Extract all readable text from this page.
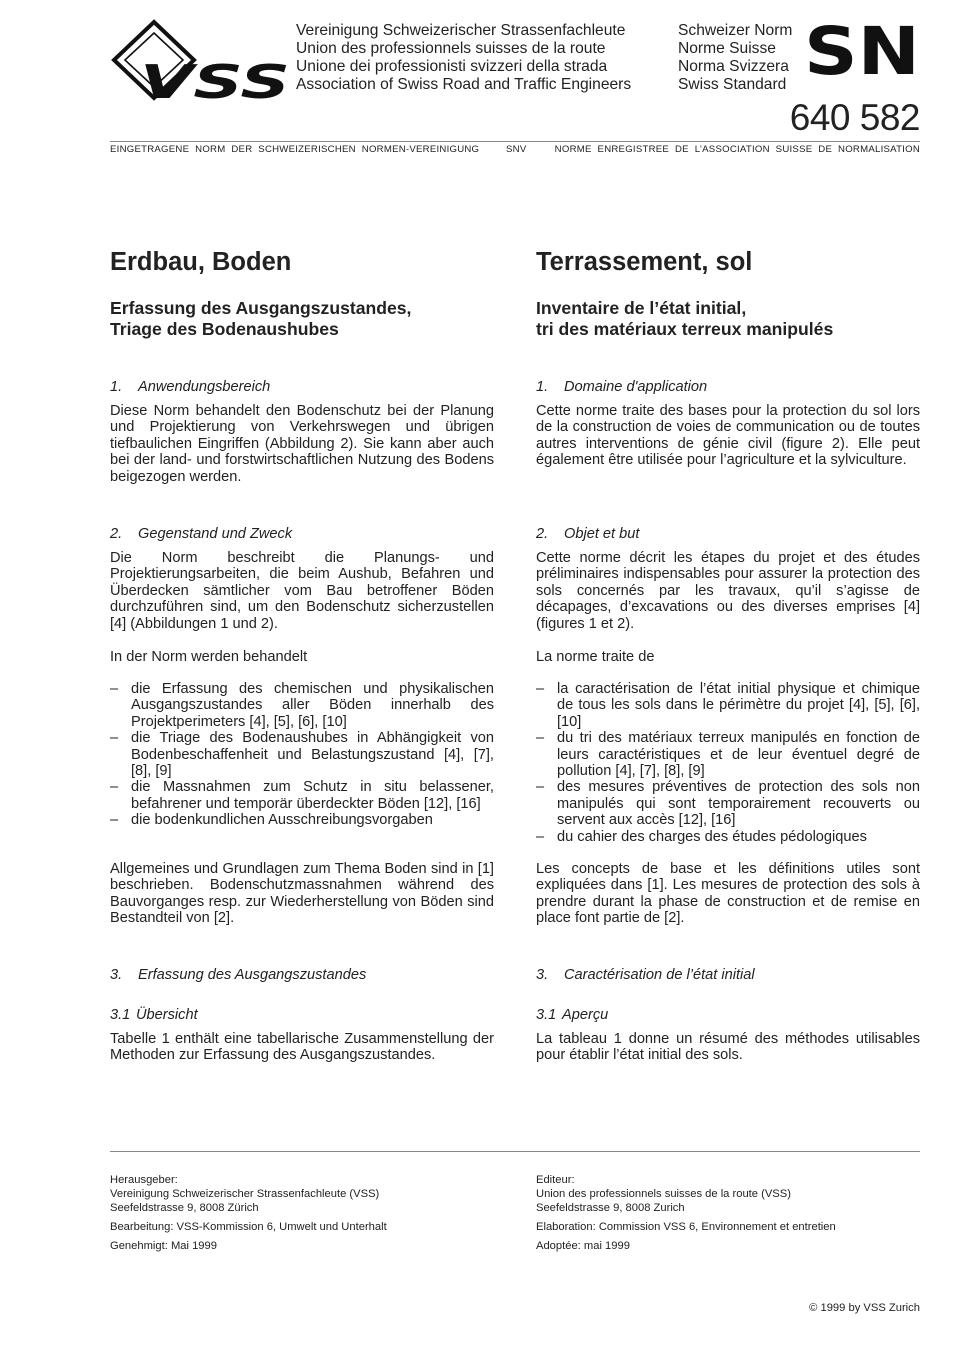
VSS
Vereinigung Schweizerischer Strassenfachleute
Union des professionnels suisses de la route
Unione dei professionisti svizzeri della strada
Association of Swiss Road and Traffic Engineers
Schweizer Norm
Norme Suisse
Norma Svizzera
Swiss Standard SN
640 582
EINGETRAGENE NORM DER SCHWEIZERISCHEN NORMEN-VEREINIGUNG	SNV	NORME ENREGISTREE DE L’ASSOCIATION SUISSE DE NORMALISATION
Erdbau, Boden
Erfassung des Ausgangszustandes,
Triage des Bodenaushubes
1. Anwendungsbereich

Diese Norm behandelt den Bodenschutz bei der Planung und Projektierung von Verkehrswegen und übrigen tiefbaulichen Eingriffen (Abbildung 2). Sie kann aber auch bei der land- und forstwirtschaftlichen Nutzung des Bodens beigezogen werden.

2. Gegenstand und Zweck

Die Norm beschreibt die Planungs- und Projektierungsarbeiten, die beim Aushub, Befahren und Überdecken sämtlicher vom Bau betroffener Böden durchzuführen sind, um den Bodenschutz sicherzustellen [4] (Abbildungen 1 und 2).

In der Norm werden behandelt

– die Erfassung des chemischen und physikalischen Ausgangszustandes aller Böden innerhalb des Projektperimeters [4], [5], [6], [10]
– die Triage des Bodenaushubes in Abhängigkeit von Bodenbeschaffenheit und Belastungszustand [4], [7], [8], [9]
– die Massnahmen zum Schutz in situ belassener, befahrener und temporär überdeckter Böden [12], [16]
– die bodenkundlichen Ausschreibungsvorgaben

Allgemeines und Grundlagen zum Thema Boden sind in [1] beschrieben. Bodenschutzmassnahmen während des Bauvorganges resp. zur Wiederherstellung von Böden sind Bestandteil von [2].

3. Erfassung des Ausgangszustandes
3.1 Übersicht

Tabelle 1 enthält eine tabellarische Zusammenstellung der Methoden zur Erfassung des Ausgangszustandes.

Terrassement, sol
Inventaire de l’état initial,
tri des matériaux terreux manipulés
1. Domaine d'application

Cette norme traite des bases pour la protection du sol lors de la construction de voies de communication ou de toutes autres interventions de génie civil (figure 2). Elle peut également être utilisée pour l’agriculture et la sylviculture.

2. Objet et but

Cette norme décrit les étapes du projet et des études préliminaires indispensables pour assurer la protection des sols concernés par les travaux, qu’il s’agisse de décapages, d’excavations ou des diverses emprises [4] (figures 1 et 2).

La norme traite de

– la caractérisation de l’état initial physique et chimique de tous les sols dans le périmètre du projet [4], [5], [6], [10]
– du tri des matériaux terreux manipulés en fonction de leurs caractéristiques et de leur éventuel degré de pollution [4], [7], [8], [9]
– des mesures préventives de protection des sols non manipulés qui sont temporairement recouverts ou servent aux accès [12], [16]
– du cahier des charges des études pédologiques

Les concepts de base et les définitions utiles sont expliquées dans [1]. Les mesures de protection des sols à prendre durant la phase de construction et de remise en place font partie de [2].

3. Caractérisation de l’état initial
3.1 Aperçu

La tableau 1 donne un résumé des méthodes utilisables pour établir l’état initial des sols.

Herausgeber:
Vereinigung Schweizerischer Strassenfachleute (VSS)
Seefeldstrasse 9, 8008 Zürich
Bearbeitung: VSS-Kommission 6, Umwelt und Unterhalt
Genehmigt: Mai 1999
Editeur:
Union des professionnels suisses de la route (VSS)
Seefeldstrasse 9, 8008 Zurich
Elaboration: Commission VSS 6, Environnement et entretien
Adoptée: mai 1999
© 1999 by VSS Zurich
